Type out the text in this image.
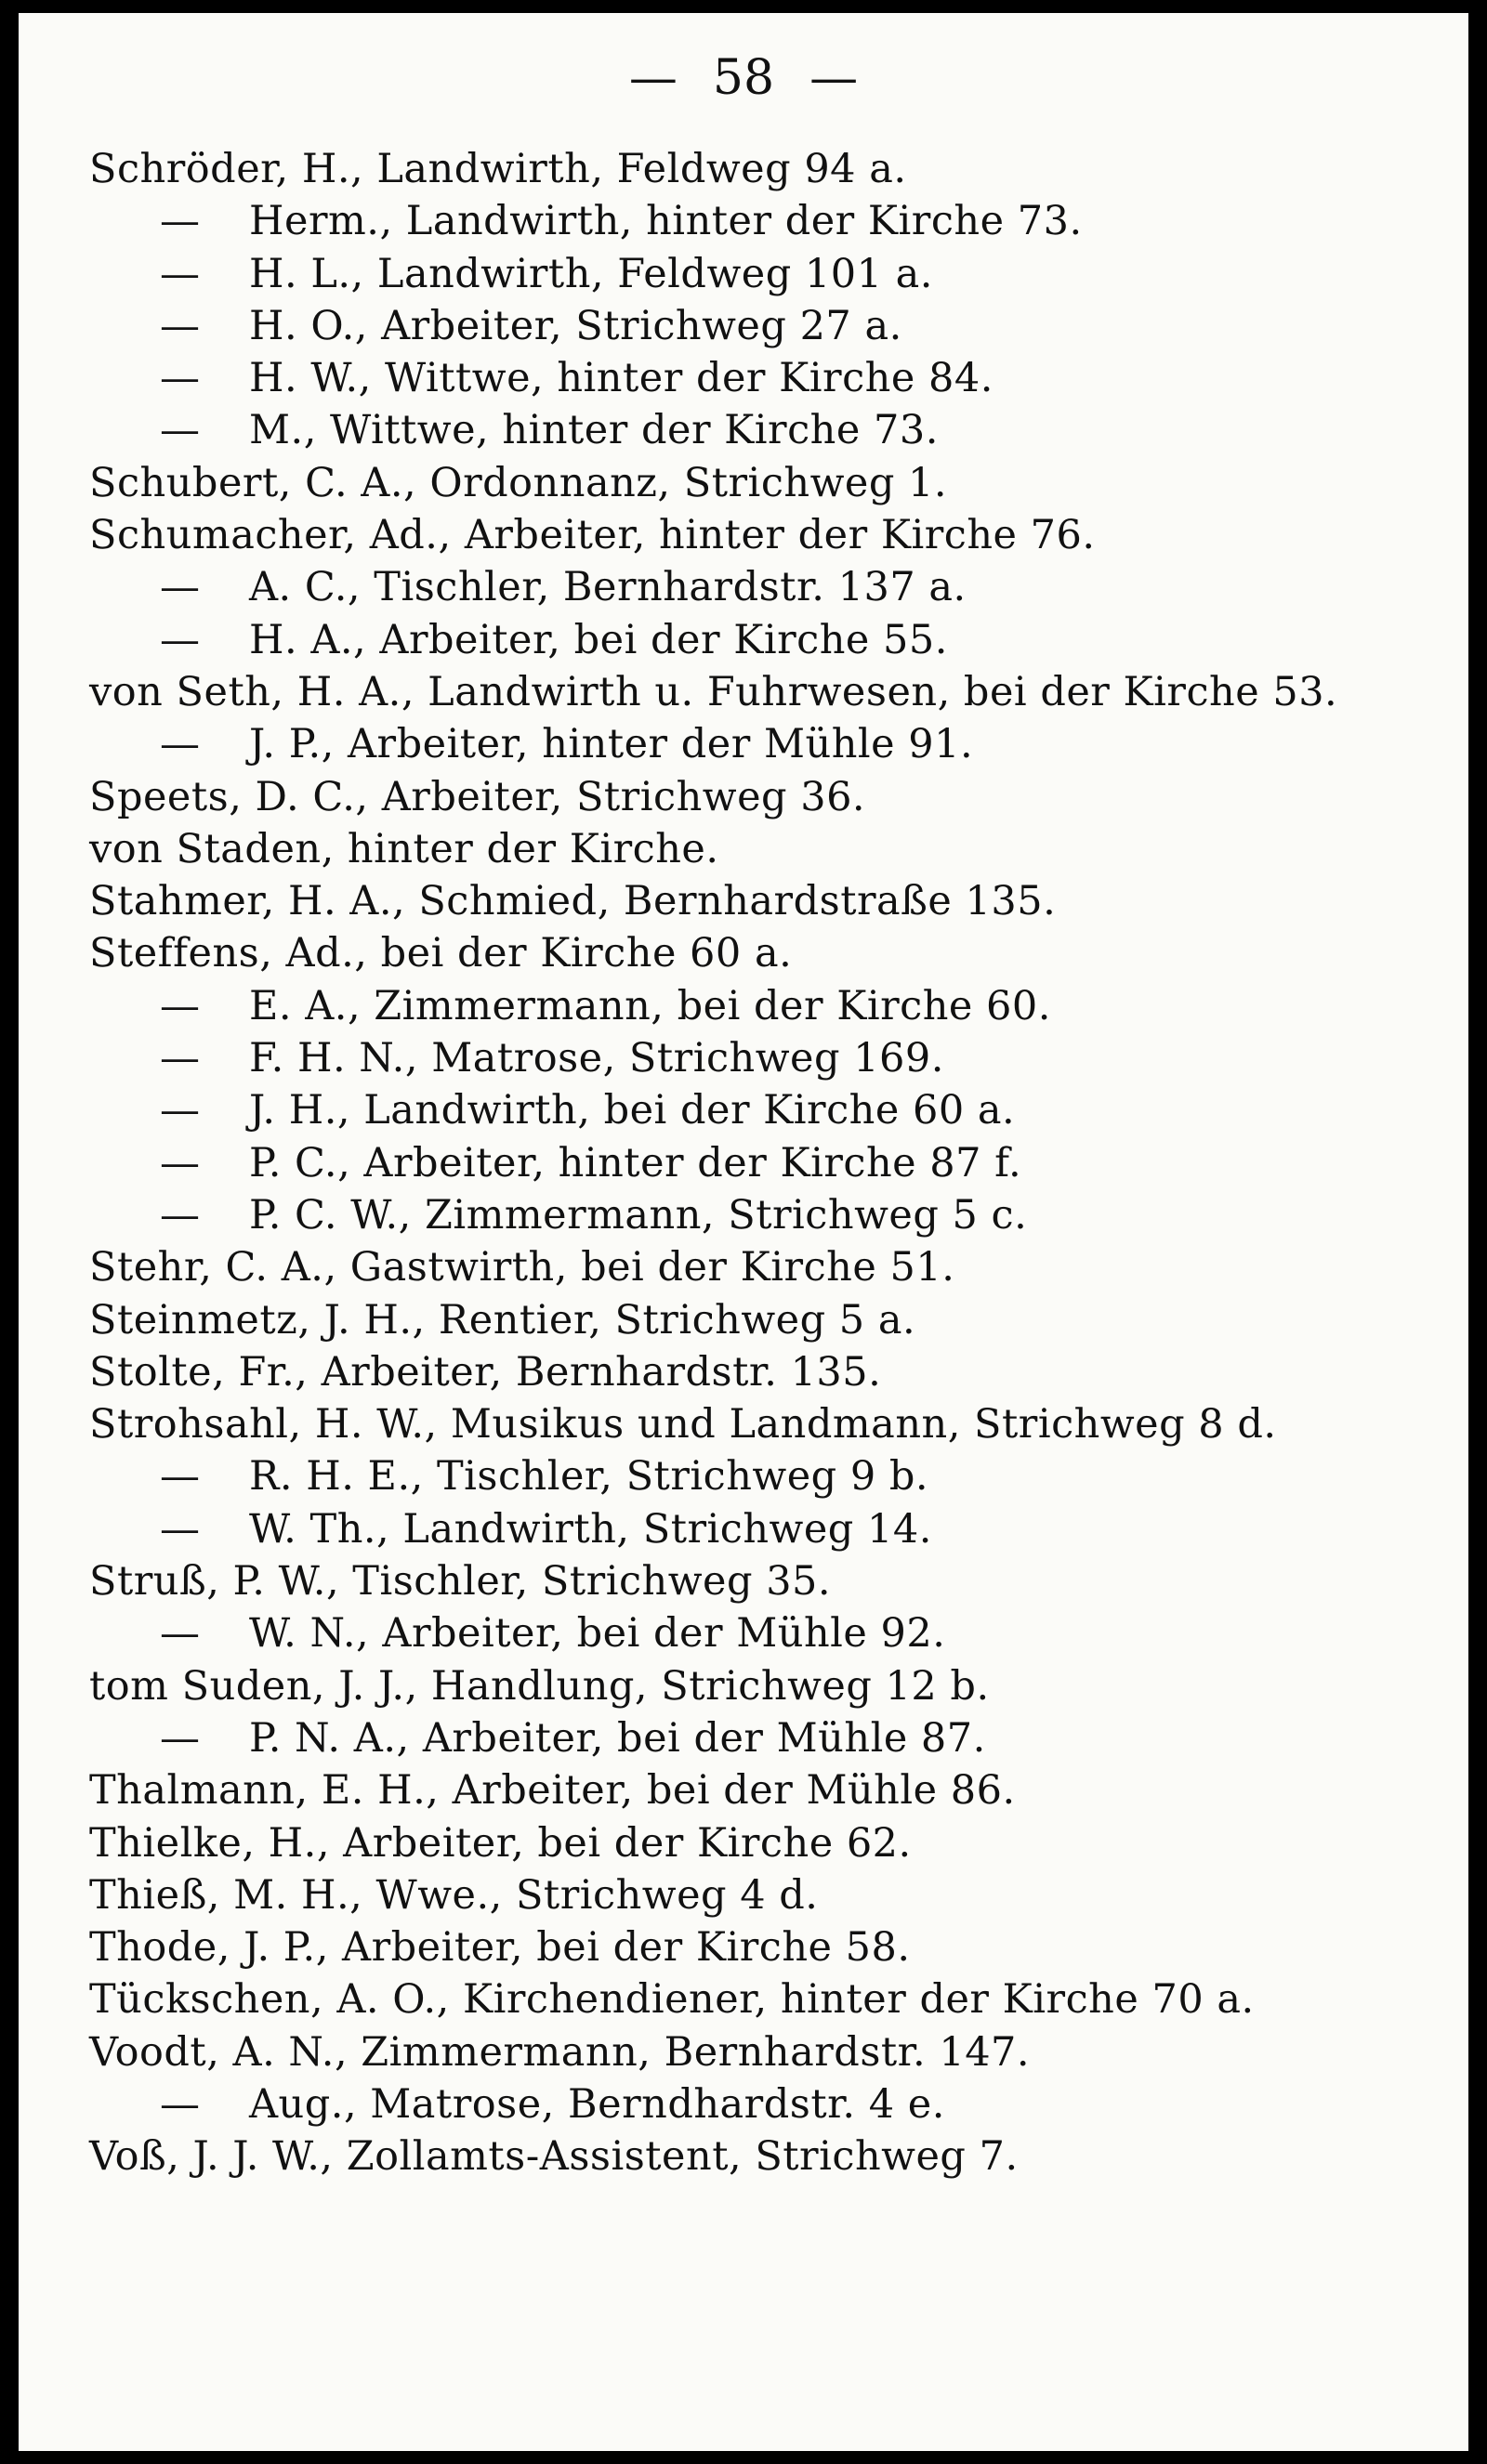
— 58 —
Schröder, H., Landwirth, Feldweg 94 a.
— Herm., Landwirth, hinter der Kirche 73.
— H. L., Landwirth, Feldweg 101 a.
— H. O., Arbeiter, Strichweg 27 a.
— H. W., Wittwe, hinter der Kirche 84.
— M., Wittwe, hinter der Kirche 73.
Schubert, C. A., Ordonnanz, Strichweg 1.
Schumacher, Ad., Arbeiter, hinter der Kirche 76.
— A. C., Tischler, Bernhardstr. 137 a.
— H. A., Arbeiter, bei der Kirche 55.
von Seth, H. A., Landwirth u. Fuhrwesen, bei der Kirche 53.
— J. P., Arbeiter, hinter der Mühle 91.
Speets, D. C., Arbeiter, Strichweg 36.
von Staden, hinter der Kirche.
Stahmer, H. A., Schmied, Bernhardstraße 135.
Steffens, Ad., bei der Kirche 60 a.
— E. A., Zimmermann, bei der Kirche 60.
— F. H. N., Matrose, Strichweg 169.
— J. H., Landwirth, bei der Kirche 60 a.
— P. C., Arbeiter, hinter der Kirche 87 f.
— P. C. W., Zimmermann, Strichweg 5 c.
Stehr, C. A., Gastwirth, bei der Kirche 51.
Steinmetz, J. H., Rentier, Strichweg 5 a.
Stolte, Fr., Arbeiter, Bernhardstr. 135.
Strohsahl, H. W., Musikus und Landmann, Strichweg 8 d.
— R. H. E., Tischler, Strichweg 9 b.
— W. Th., Landwirth, Strichweg 14.
Struß, P. W., Tischler, Strichweg 35.
— W. N., Arbeiter, bei der Mühle 92.
tom Suden, J. J., Handlung, Strichweg 12 b.
— P. N. A., Arbeiter, bei der Mühle 87.
Thalmann, E. H., Arbeiter, bei der Mühle 86.
Thielke, H., Arbeiter, bei der Kirche 62.
Thieß, M. H., Wwe., Strichweg 4 d.
Thode, J. P., Arbeiter, bei der Kirche 58.
Tückschen, A. O., Kirchendiener, hinter der Kirche 70 a.
Voodt, A. N., Zimmermann, Bernhardstr. 147.
— Aug., Matrose, Berndhardstr. 4 e.
Voß, J. J. W., Zollamts-Assistent, Strichweg 7.
